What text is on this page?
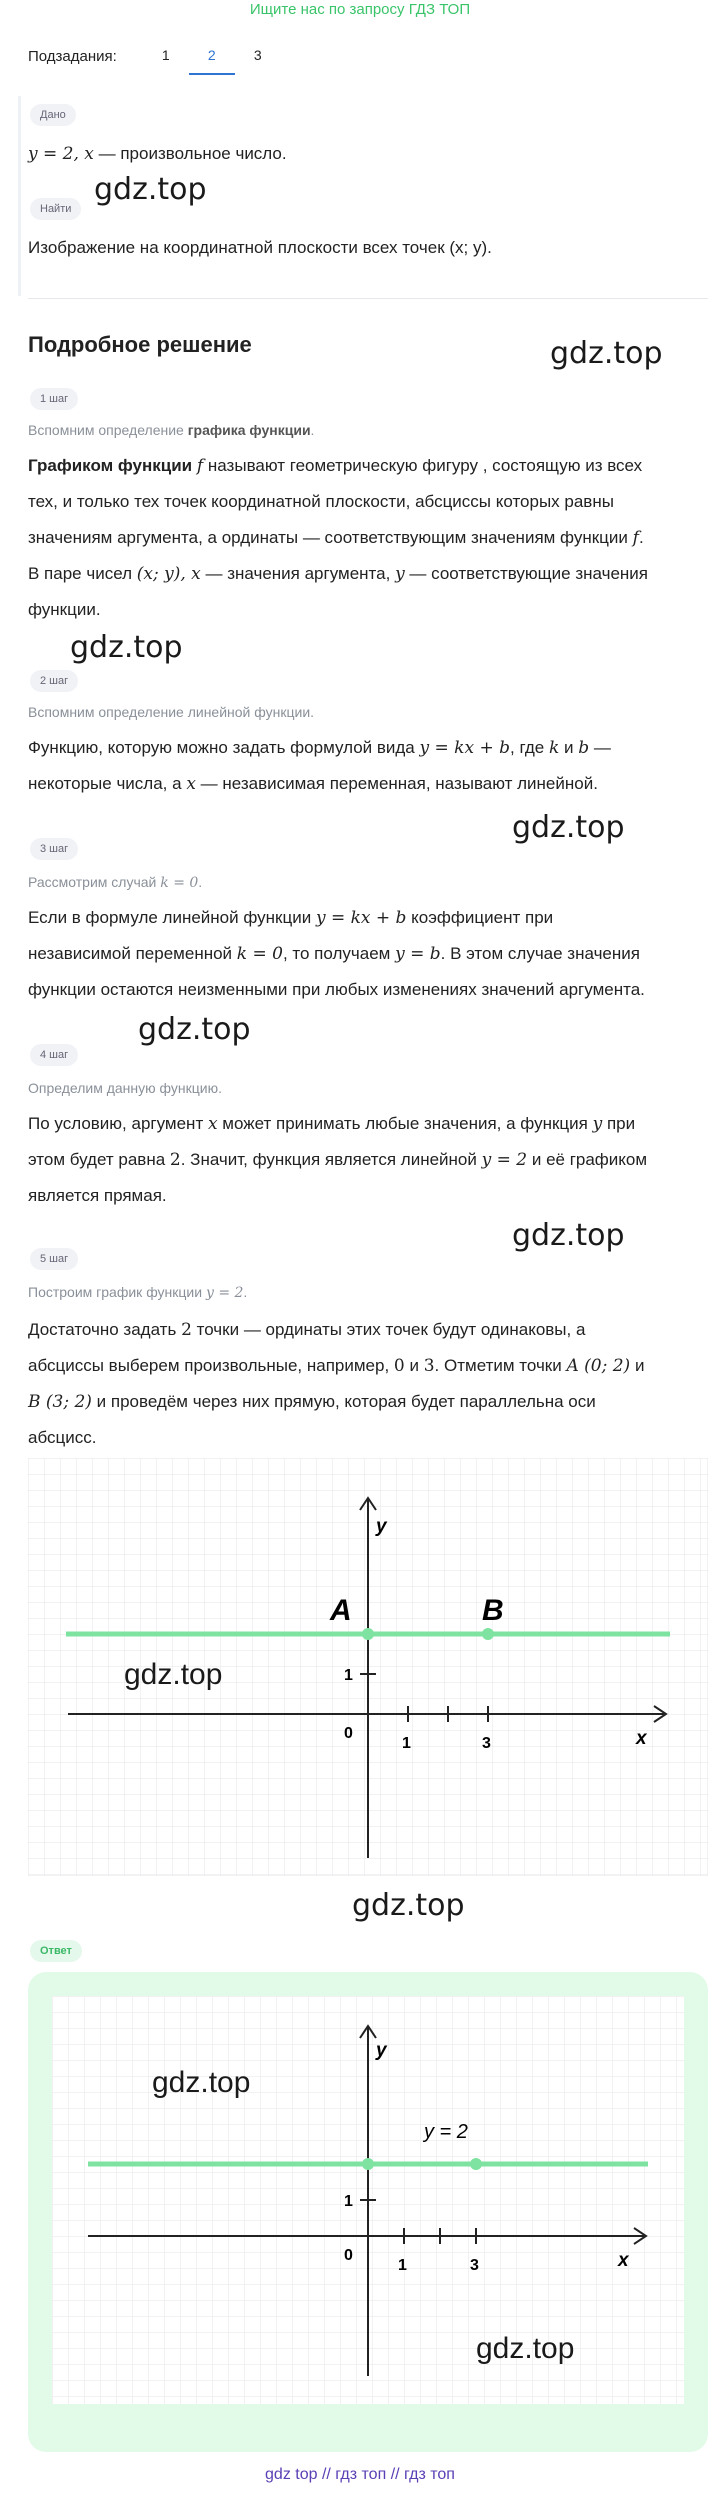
Ищите нас по запросу ГДЗ ТОП
Подзадания:	1	2	3
Дано
y = 2, x — произвольное число.
Найти
gdz.top
Изображение на координатной плоскости всех точек (x; y).
Подробное решение	gdz.top
1 шаг
Вспомним определение графика функции.
Графиком функции f называют геометрическую фигуру , состоящую из всех
тех, и только тех точек координатной плоскости, абсциссы которых равны
значениям аргумента, а ординаты — соответствующим значениям функции f.
В паре чисел (x; y), x — значения аргумента, y — соответствующие значения
функции.
gdz.top
2 шаг
Вспомним определение линейной функции.
Функцию, которую можно задать формулой вида y = kx + b, где k и b —
некоторые числа, а x — независимая переменная, называют линейной.
gdz.top
3 шаг
Рассмотрим случай k = 0.
Если в формуле линейной функции y = kx + b коэффициент при
независимой переменной k = 0, то получаем y = b. В этом случае значения
функции остаются неизменными при любых изменениях значений аргумента.
gdz.top
4 шаг
Определим данную функцию.
По условию, аргумент x может принимать любые значения, а функция y при
этом будет равна 2. Значит, функция является линейной y = 2 и её графиком
является прямая.
gdz.top
5 шаг
Построим график функции y = 2.
Достаточно задать 2 точки — ординаты этих точек будут одинаковы, а
абсциссы выберем произвольные, например, 0 и 3. Отметим точки A (0; 2) и
B (3; 2) и проведём через них прямую, которая будет параллельна оси
абсцисс.
y
x
0
1	3
1
A	B
gdz.top
gdz.top
Ответ
y
x
0
1	3
1
y = 2
gdz.top
gdz.top
gdz top // гдз топ // гдз топ
